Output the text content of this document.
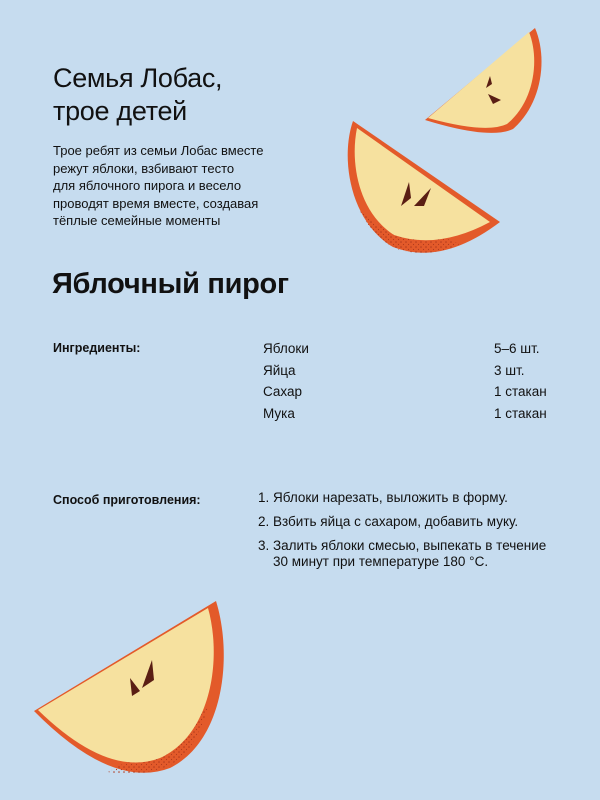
Семья Лобас,
трое детей

Трое ребят из семьи Лобас вместе
режут яблоки, взбивают тесто
для яблочного пирога и весело
проводят время вместе, создавая
тёплые семейные моменты

Яблочный пирог
Ингредиенты:	Яблоки	5–6 шт.
Яйца	3 шт.
Сахар	1 стакан
Мука	1 стакан
Способ приготовления:	1. Яблоки нарезать, выложить в форму.
2. Взбить яйца с сахаром, добавить муку.
3. Залить яблоки смесью, выпекать в течение
30 минут при температуре 180 °С.
